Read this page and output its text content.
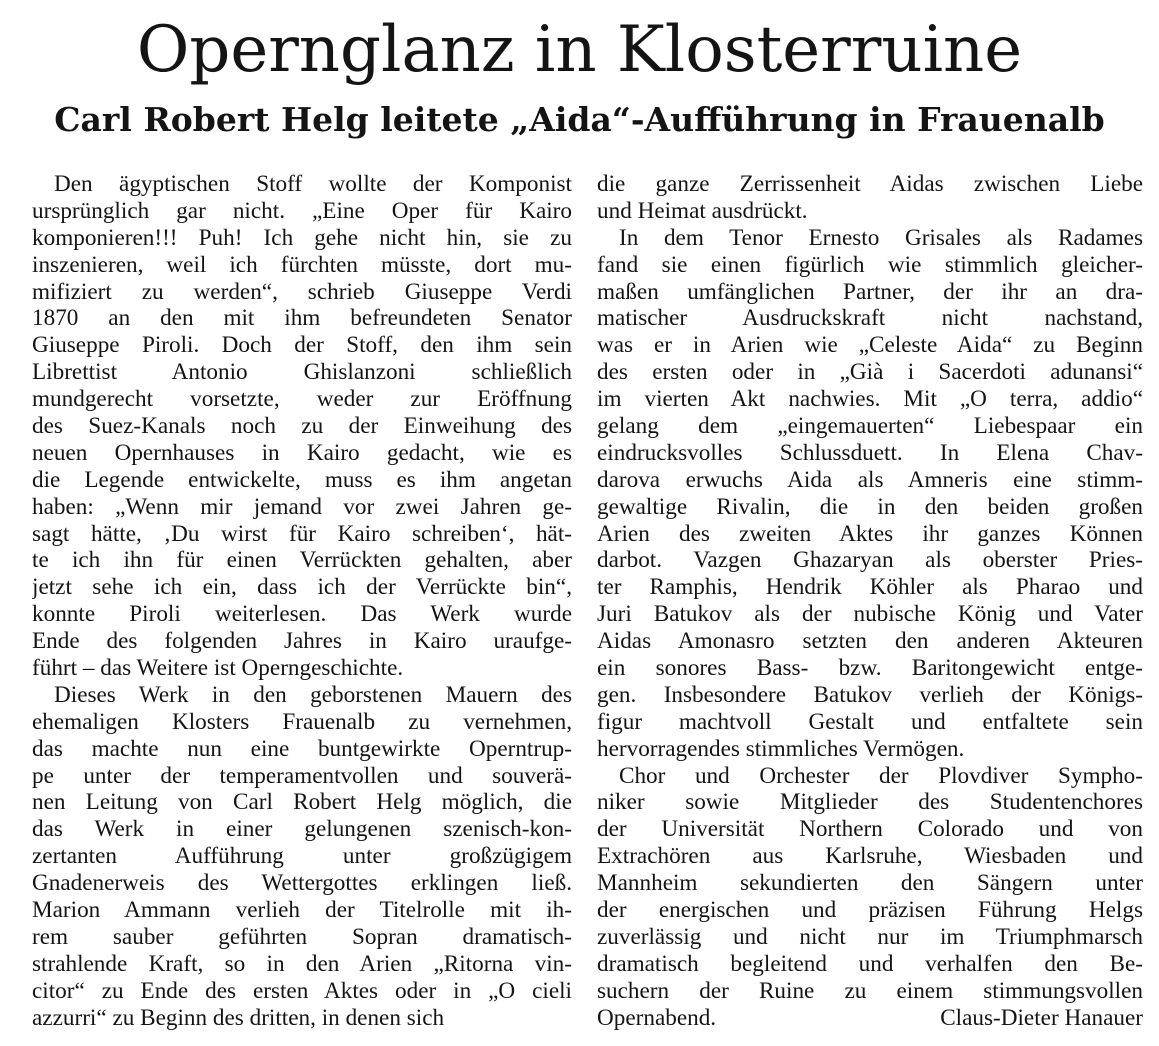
Opernglanz in Klosterruine
Carl Robert Helg leitete „Aida“-Aufführung in Frauenalb
Den ägyptischen Stoff wollte der Komponist
ursprünglich gar nicht. „Eine Oper für Kairo
komponieren!!! Puh! Ich gehe nicht hin, sie zu
inszenieren, weil ich fürchten müsste, dort mu-
mifiziert zu werden“, schrieb Giuseppe Verdi
1870 an den mit ihm befreundeten Senator
Giuseppe Piroli. Doch der Stoff, den ihm sein
Librettist Antonio Ghislanzoni schließlich
mundgerecht vorsetzte, weder zur Eröffnung
des Suez-Kanals noch zu der Einweihung des
neuen Opernhauses in Kairo gedacht, wie es
die Legende entwickelte, muss es ihm angetan
haben: „Wenn mir jemand vor zwei Jahren ge-
sagt hätte, ‚Du wirst für Kairo schreiben‘, hät-
te ich ihn für einen Verrückten gehalten, aber
jetzt sehe ich ein, dass ich der Verrückte bin“,
konnte Piroli weiterlesen. Das Werk wurde
Ende des folgenden Jahres in Kairo uraufge-
führt – das Weitere ist Operngeschichte.
Dieses Werk in den geborstenen Mauern des
ehemaligen Klosters Frauenalb zu vernehmen,
das machte nun eine buntgewirkte Operntrup-
pe unter der temperamentvollen und souverä-
nen Leitung von Carl Robert Helg möglich, die
das Werk in einer gelungenen szenisch-kon-
zertanten Aufführung unter großzügigem
Gnadenerweis des Wettergottes erklingen ließ.
Marion Ammann verlieh der Titelrolle mit ih-
rem sauber geführten Sopran dramatisch-
strahlende Kraft, so in den Arien „Ritorna vin-
citor“ zu Ende des ersten Aktes oder in „O cieli
azzurri“ zu Beginn des dritten, in denen sich
die ganze Zerrissenheit Aidas zwischen Liebe
und Heimat ausdrückt.
In dem Tenor Ernesto Grisales als Radames
fand sie einen figürlich wie stimmlich gleicher-
maßen umfänglichen Partner, der ihr an dra-
matischer Ausdruckskraft nicht nachstand,
was er in Arien wie „Celeste Aida“ zu Beginn
des ersten oder in „Già i Sacerdoti adunansi“
im vierten Akt nachwies. Mit „O terra, addio“
gelang dem „eingemauerten“ Liebespaar ein
eindrucksvolles Schlussduett. In Elena Chav-
darova erwuchs Aida als Amneris eine stimm-
gewaltige Rivalin, die in den beiden großen
Arien des zweiten Aktes ihr ganzes Können
darbot. Vazgen Ghazaryan als oberster Pries-
ter Ramphis, Hendrik Köhler als Pharao und
Juri Batukov als der nubische König und Vater
Aidas Amonasro setzten den anderen Akteuren
ein sonores Bass- bzw. Baritongewicht entge-
gen. Insbesondere Batukov verlieh der Königs-
figur machtvoll Gestalt und entfaltete sein
hervorragendes stimmliches Vermögen.
Chor und Orchester der Plovdiver Sympho-
niker sowie Mitglieder des Studentenchores
der Universität Northern Colorado und von
Extrachören aus Karlsruhe, Wiesbaden und
Mannheim sekundierten den Sängern unter
der energischen und präzisen Führung Helgs
zuverlässig und nicht nur im Triumphmarsch
dramatisch begleitend und verhalfen den Be-
suchern der Ruine zu einem stimmungsvollen
Opernabend.	Claus-Dieter Hanauer
